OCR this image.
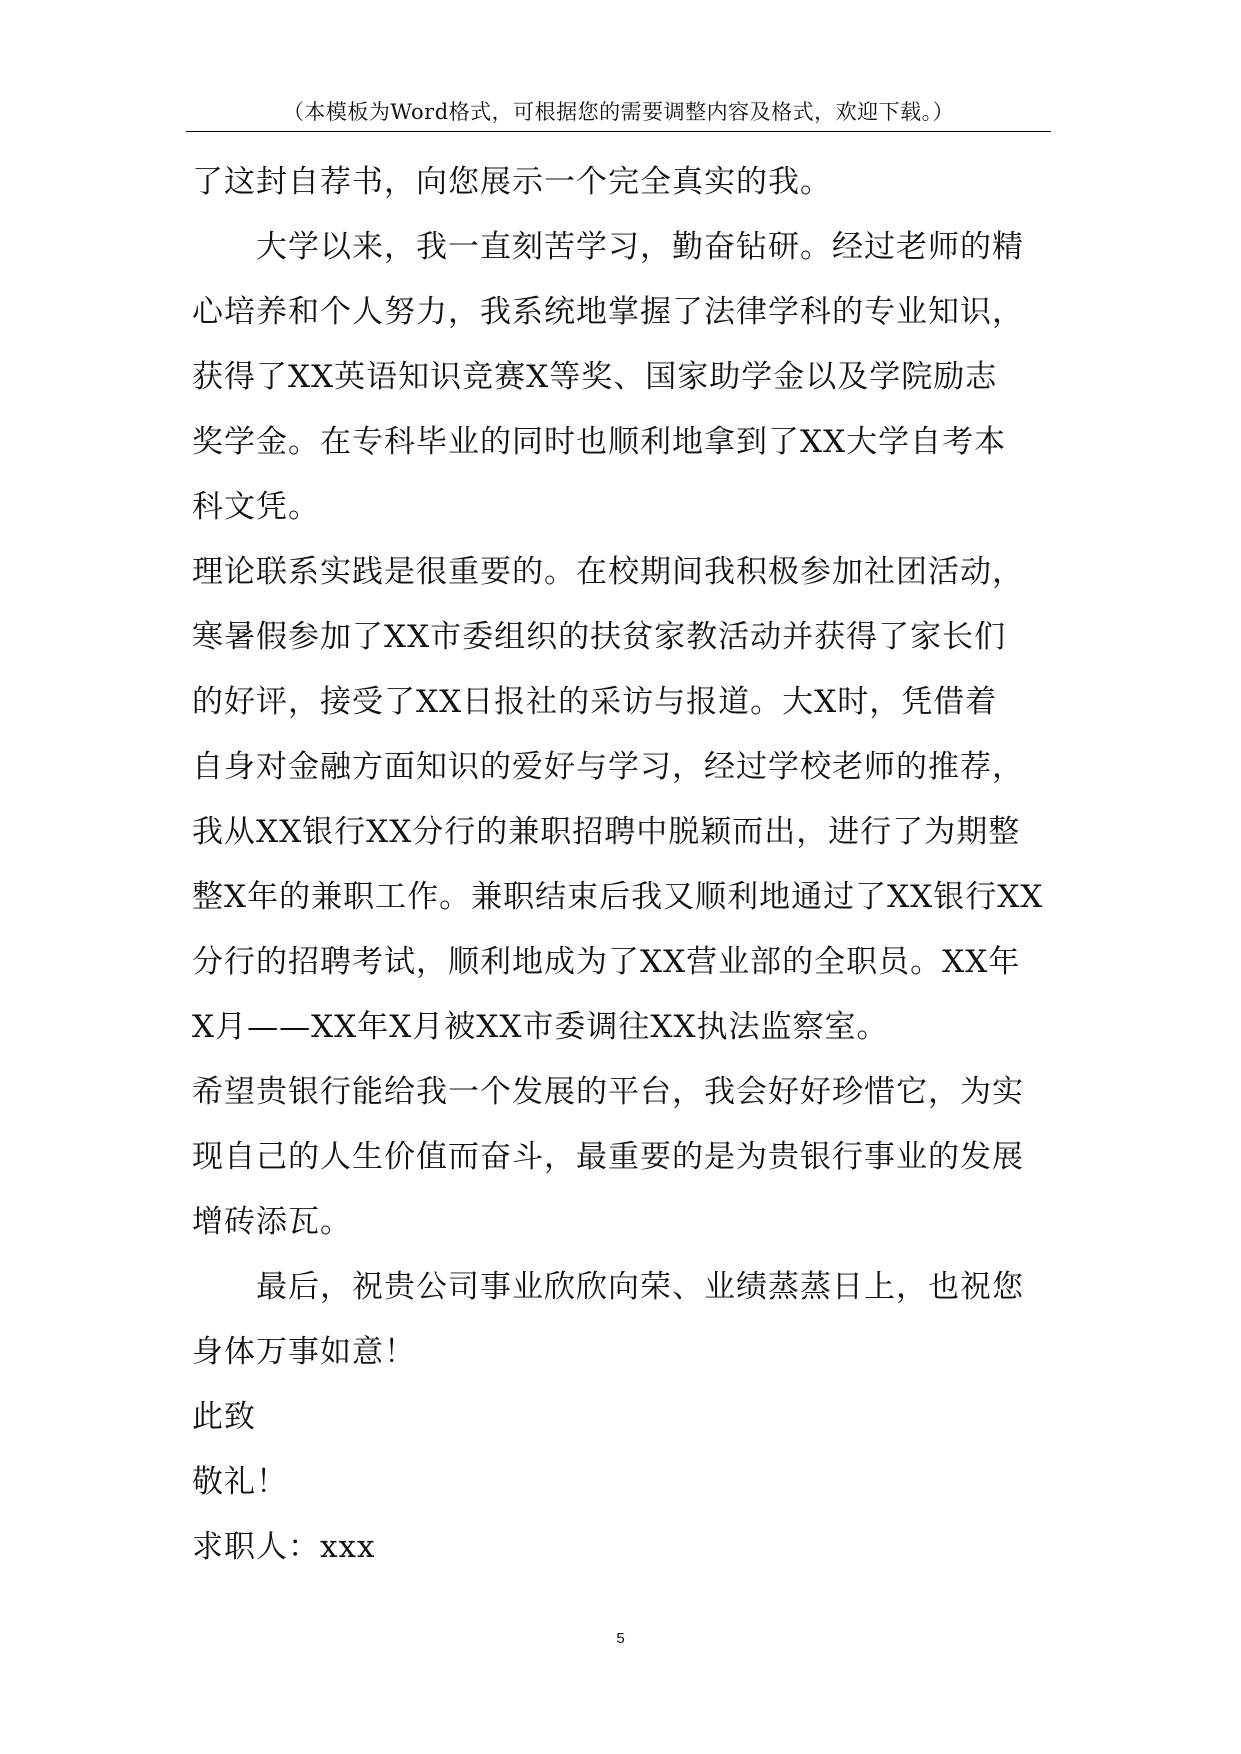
（本模板为Word格式，可根据您的需要调整内容及格式，欢迎下载。）
了这封自荐书，向您展示一个完全真实的我。
大学以来，我一直刻苦学习，勤奋钻研。经过老师的精
心培养和个人努力，我系统地掌握了法律学科的专业知识，
获得了XX英语知识竞赛X等奖、国家助学金以及学院励志
奖学金。在专科毕业的同时也顺利地拿到了XX大学自考本
科文凭。
理论联系实践是很重要的。在校期间我积极参加社团活动，
寒暑假参加了XX市委组织的扶贫家教活动并获得了家长们
的好评，接受了XX日报社的采访与报道。大X时，凭借着
自身对金融方面知识的爱好与学习，经过学校老师的推荐，
我从XX银行XX分行的兼职招聘中脱颖而出，进行了为期整
整X年的兼职工作。兼职结束后我又顺利地通过了XX银行XX
分行的招聘考试，顺利地成为了XX营业部的全职员。XX年
X月——XX年X月被XX市委调往XX执法监察室。
希望贵银行能给我一个发展的平台，我会好好珍惜它，为实
现自己的人生价值而奋斗，最重要的是为贵银行事业的发展
增砖添瓦。
最后，祝贵公司事业欣欣向荣、业绩蒸蒸日上，也祝您
身体万事如意！
此致
敬礼！
求职人：xxx
5
